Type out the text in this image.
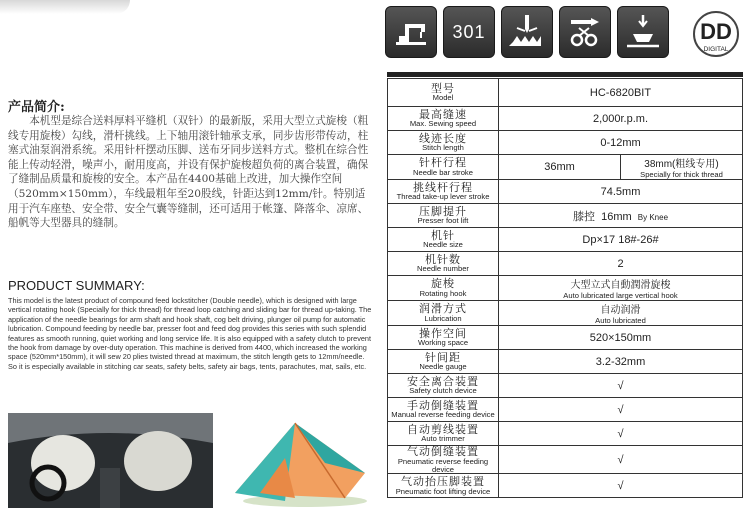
301	DD
DIGITAL
产品简介:

本机型是综合送料厚料平缝机（双针）的最新版，采用大型立式旋梭（粗线专用旋梭）勾线，滑杆挑线。上下轴用滚针轴承支承，同步齿形带传动，柱塞式油泵润滑系统。采用针杆摆动压脚、送布牙同步送料方式。整机在综合性能上传动轻滑，噪声小，耐用度高，并设有保护旋梭超负荷的离合装置，确保了缝制品质量和旋梭的安全。本产品在4400基础上改进，加大操作空间（520mm×150mm），车线最粗年至20股线，针距达到12mm/针。特别适用于汽车座垫、安全带、安全气囊等缝制，还可适用于帐篷、降落伞、凉席、船帆等大型器具的缝制。

PRODUCT SUMMARY:

This model is the latest product of compound feed lockstitcher (Double needle), which is designed with large vertical rotating hook (Specially for thick thread) for thread loop catching and sliding bar for thread up-taking. The application of the needle bearings for arm shaft and hook shaft, cog belt driving, plunger oil pump for automatic lubrication. Compound feeding by needle bar, presser foot and feed dog provides this series with such splendid features as smooth running, quiet working and long service life. It is also equipped with a safety clutch to prevent the hook from damage by over-duty operation. This machine is derived from 4400, which increased the working space (520mm*150mm), it will sew 20 plies twisted thread at maximum, the stitch length gets to 12mm/needle. So it is especially available in stitching car seats, safety belts, safety air bags, tents, parachutes, mat, sails, etc.

型号
Model	HC-6820BIT	

最高缝速
Max. Sewing speed	2,000r.p.m.	

线迹长度
Stitch length	0-12mm	

针杆行程
Needle bar stroke	36mm	38mm(粗线专用)
Specially for thick thread

挑线杆行程
Thread take-up lever stroke	74.5mm	

压脚提升
Presser foot lift	膝控 16mm By Knee	

机针
Needle size	Dp×17 18#-26#	

机针数
Needle number	2	

旋梭
Rotating hook	大型立式自動潤滑旋梭
Auto lubricated large vertical hook	

润滑方式
Lubrication	自动润滑
Auto lubricated	

操作空间
Working space	520×150mm	

针间距
Needle gauge	3.2-32mm	

安全离合装置
Safety clutch device	√	

手动倒缝装置
Manual reverse feeding device	√	

自动剪线装置
Auto trimmer	√	

气动倒缝装置
Pneumatic reverse feeding device	√	

气动抬压脚装置
Pneumatic foot lifting device	√	
